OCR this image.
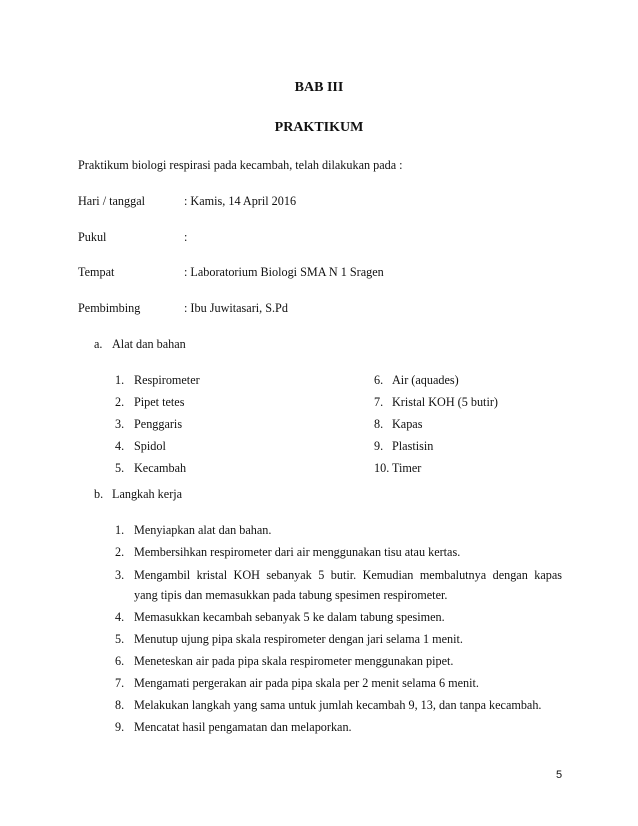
BAB III
PRAKTIKUM
Praktikum biologi respirasi pada kecambah, telah dilakukan pada :
Hari / tanggal	: Kamis, 14 April 2016
Pukul	:
Tempat	: Laboratorium Biologi SMA N 1 Sragen
Pembimbing	: Ibu Juwitasari, S.Pd
a. Alat dan bahan
1. Respirometer
2. Pipet tetes
3. Penggaris
4. Spidol
5. Kecambah
6. Air (aquades)
7. Kristal KOH (5 butir)
8. Kapas
9. Plastisin
10. Timer
b. Langkah kerja
1. Menyiapkan alat dan bahan.
2. Membersihkan respirometer dari air menggunakan tisu atau kertas.
3. Mengambil kristal KOH sebanyak 5 butir. Kemudian membalutnya dengan kapas
yang tipis dan memasukkan pada tabung spesimen respirometer.
4. Memasukkan kecambah sebanyak 5 ke dalam tabung spesimen.
5. Menutup ujung pipa skala respirometer dengan jari selama 1 menit.
6. Meneteskan air pada pipa skala respirometer menggunakan pipet.
7. Mengamati pergerakan air pada pipa skala per 2 menit selama 6 menit.
8. Melakukan langkah yang sama untuk jumlah kecambah 9, 13, dan tanpa kecambah.
9. Mencatat hasil pengamatan dan melaporkan.
5
